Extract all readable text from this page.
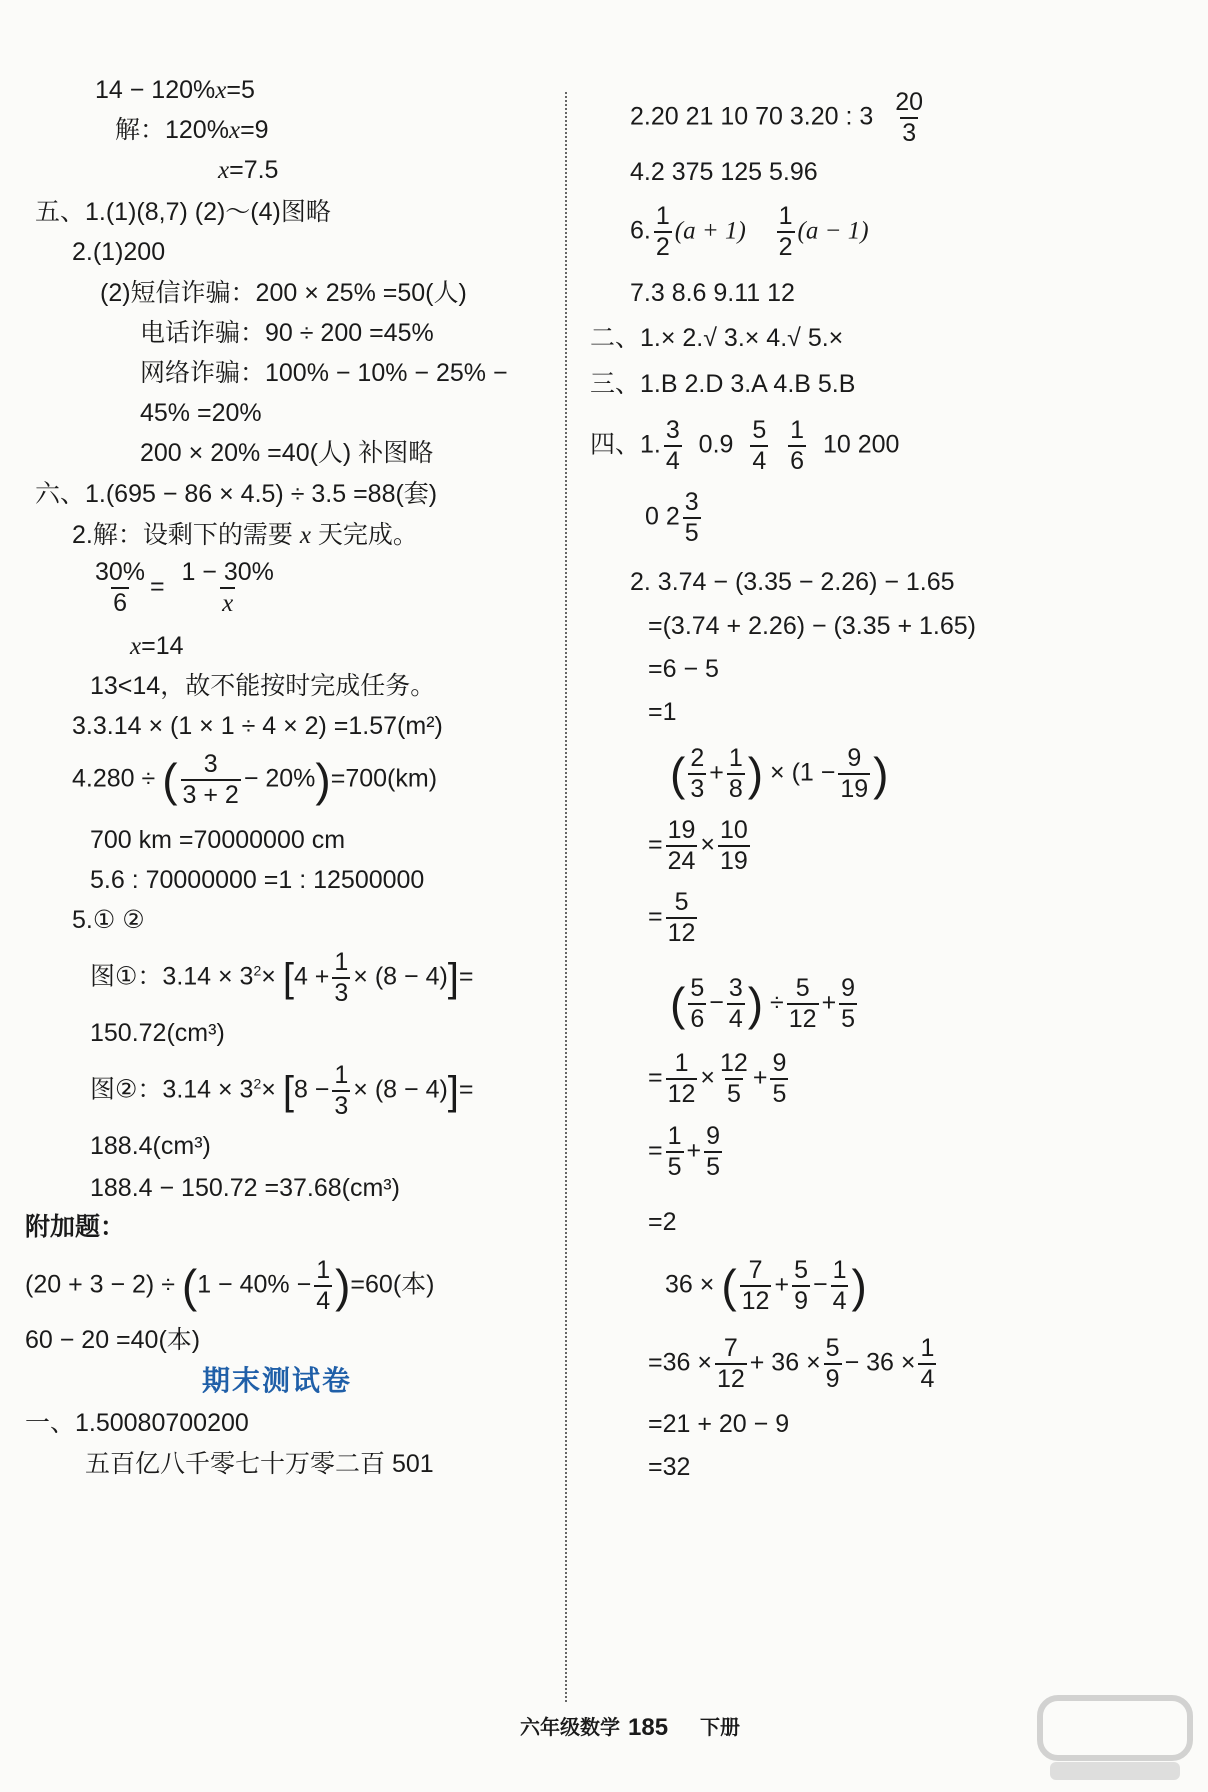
14 − 120%x=5
解：120%x=9
x=7.5
五、1.(1)(8,7) (2)～(4)图略
2.(1)200
(2)短信诈骗：200 × 25% =50(人)
电话诈骗：90 ÷ 200 =45%
网络诈骗：100% − 10% − 25% −
45% =20%
200 × 20% =40(人) 补图略
六、1.(695 − 86 × 4.5) ÷ 3.5 =88(套)
2.解：设剩下的需要 x 天完成。
$\frac{30\%}{6} = \frac{1 - 30\%}{x}$
x=14
13<14，故不能按时完成任务。
3.3.14 × (1 × 1 ÷ 4 × 2) =1.57(m²)
4.280 ÷ ( $\frac{3}{3 + 2} - 20\%)=700(km)$
700 km =70000000 cm
5.6 : 70000000 =1 : 12500000
5.① ②
图①：$3.14 \times 3^2\times [4 + \frac{1}{3} \times (8 - 4)]=$
150.72(cm³)
图②：$3.14 \times 3^2\times [8 - \frac{1}{3} \times (8 - 4)]=$
188.4(cm³)
188.4 − 150.72 =37.68(cm³)
附加题：
$(20 + 3 - 2) \div (1 - 40\% - \frac{1}{4} )=60$(本)
60 − 20 =40(本)
期末测试卷
一、1.50080700200
五百亿八千零七十万零二百 501
2.20 21 10 70 3.20 : $3 \frac{20}{3}$
4.2 375 125 5.96
6. $\frac{1}{2} (a + 1) \frac{1}{2} (a - 1)$
7.3 8.6 9.11 12
二、1.× 2.√ 3.× 4.√ 5.×
三、1.B 2.D 3.A 4.B 5.B
四、1. $\frac{3}{4} 0.9 \frac{5}{4}$
$\frac{1}{6} 10$ 200
0 $2 \frac{3}{5}$
2. 3.74 − (3.35 − 2.26) − 1.65
=(3.74 + 2.26) − (3.35 + 1.65)
=6 − 5
=1
( $\frac{2}{3} + \frac{1}{8}$ ) × ($1 - \frac{9}{19}$ )
= $\frac{19}{24} \times \frac{10}{19}$
= $\frac{5}{12}$
( $\frac{5}{6} - \frac{3}{4}$ ) ÷ $\frac{5}{12} + \frac{9}{5}$
= $\frac{1}{12} \times \frac{12}{5} + \frac{9}{5}$
= $\frac{1}{5} + \frac{9}{5}$
=2
36 × ( $\frac{7}{12} + \frac{5}{9} - \frac{1}{4}$ )
$=36 \times \frac{7}{12} + 36 \times \frac{5}{9} - 36 \times \frac{1}{4}$
=21 + 20 − 9
=32
六年级数学 185 下册
